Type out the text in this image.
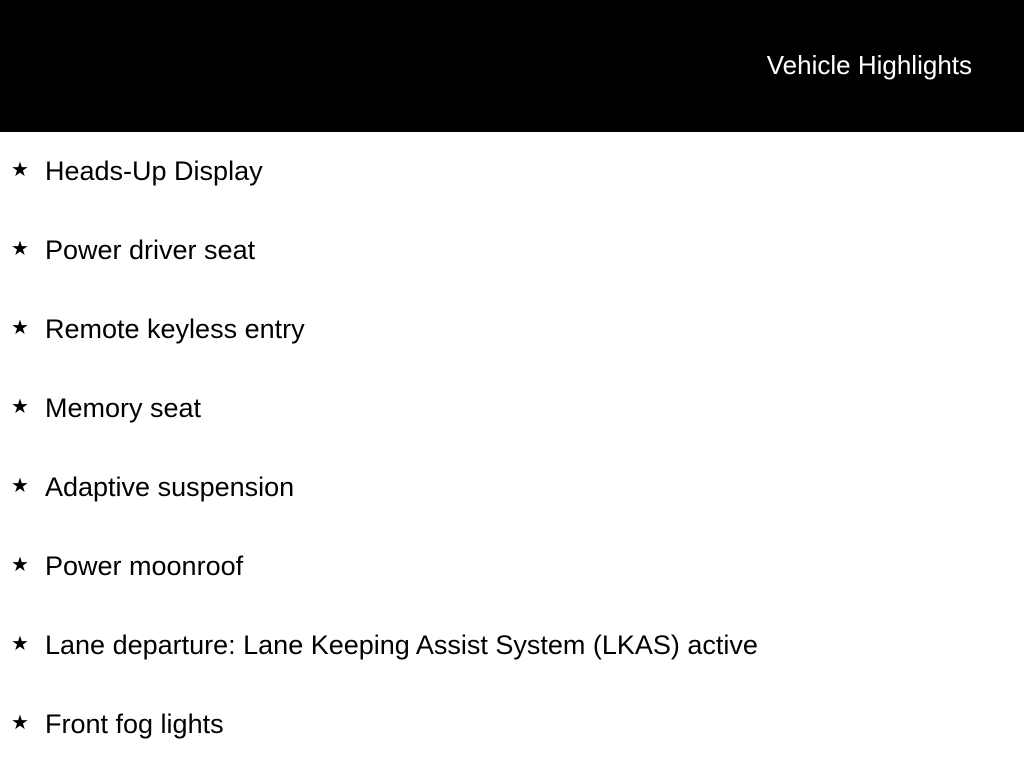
Vehicle Highlights
★ Heads-Up Display
★ Power driver seat
★ Remote keyless entry
★ Memory seat
★ Adaptive suspension
★ Power moonroof
★ Lane departure: Lane Keeping Assist System (LKAS) active
★ Front fog lights
